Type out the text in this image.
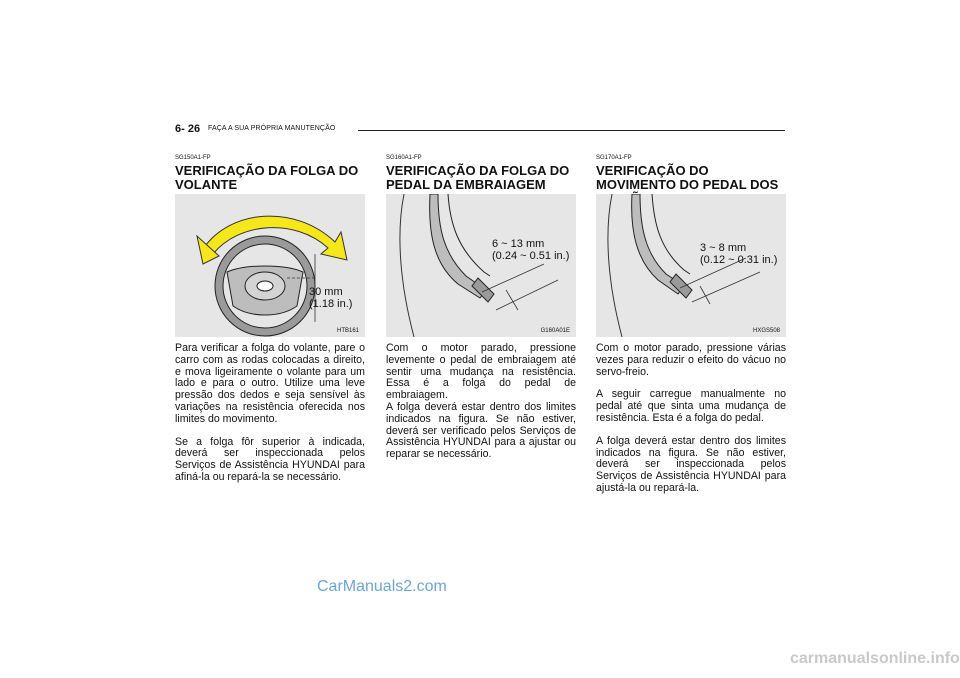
6- 26 FAÇA A SUA PRÓPRIA MANUTENÇÃO
SG150A1-FP
VERIFICAÇÃO DA FOLGA DO VOLANTE
30 mm
(1.18 in.)
HTB161

Para verificar a folga do volante, pare o carro com as rodas colocadas a direito, e mova ligeiramente o volante para um lado e para o outro. Utilize uma leve pressão dos dedos e seja sensível às variações na resistência oferecida nos limites do movimento.

Se a folga fôr superior à indicada, deverá ser inspeccionada pelos Serviços de Assistência HYUNDAI para afiná-la ou repará-la se necessário.

SG160A1-FP
VERIFICAÇÃO DA FOLGA DO PEDAL DA EMBRAIAGEM
6 ~ 13 mm
(0.24 ~ 0.51 in.)
G160A01E

Com o motor parado, pressione levemente o pedal de embraiagem até sentir uma mudança na resistência. Essa é a folga do pedal de embraiagem.
A folga deverá estar dentro dos limites indicados na figura. Se não estiver, deverá ser verificado pelos Serviços de Assistência HYUNDAI para a ajustar ou reparar se necessário.

SG170A1-FP
VERIFICAÇÃO DO MOVIMENTO DO PEDAL DOS
3 ~ 8 mm
(0.12 ~ 0.31 in.)
HXGS508

Com o motor parado, pressione várias vezes para reduzir o efeito do vácuo no servo-freio.

A seguir carregue manualmente no pedal até que sinta uma mudança de resistência. Esta é a folga do pedal.

A folga deverá estar dentro dos limites indicados na figura. Se não estiver, deverá ser inspeccionada pelos Serviços de Assistência HYUNDAI para ajustá-la ou repará-la.

CarManuals2.com
carmanualsonline.info
